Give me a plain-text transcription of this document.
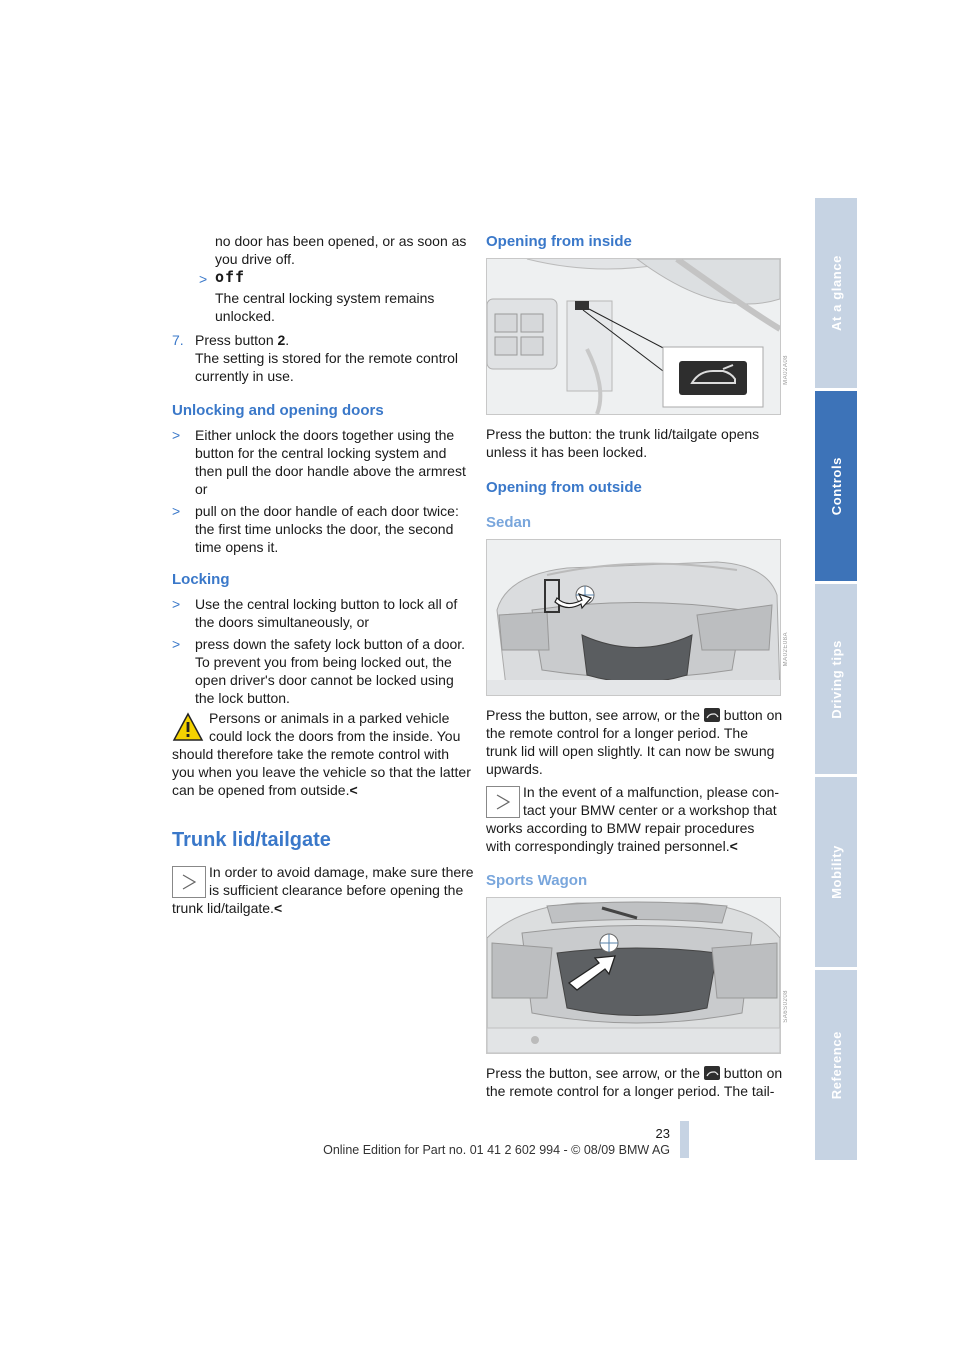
no door has been opened, or as soon as
you drive off.
> off
The central locking system remains
unlocked.
7. Press button 2.
The setting is stored for the remote control
currently in use.
Unlocking and opening doors
> Either unlock the doors together using the
button for the central locking system and
then pull the door handle above the armrest
or
> pull on the door handle of each door twice:
the first time unlocks the door, the second
time opens it.
Locking
> Use the central locking button to lock all of
the doors simultaneously, or
> press down the safety lock button of a door.
To prevent you from being locked out, the
open driver's door cannot be locked using
the lock button.
Persons or animals in a parked vehicle
could lock the doors from the inside. You
should therefore take the remote control with
you when you leave the vehicle so that the latter
can be opened from outside.<
Trunk lid/tailgate
In order to avoid damage, make sure there
is sufficient clearance before opening the
trunk lid/tailgate.<
Opening from inside
MA02A08
Press the button: the trunk lid/tailgate opens
unless it has been locked.
Opening from outside
Sedan
MA02E08A
Press the button, see arrow, or the button on
the remote control for a longer period. The
trunk lid will open slightly. It can now be swung
upwards.
In the event of a malfunction, please con-
tact your BMW center or a workshop that
works according to BMW repair procedures
with correspondingly trained personnel.<
Sports Wagon
SA6S0208
Press the button, see arrow, or the button on
the remote control for a longer period. The tail-
At a glance
Controls
Driving tips
Mobility
Reference
23
Online Edition for Part no. 01 41 2 602 994 - © 08/09 BMW AG
